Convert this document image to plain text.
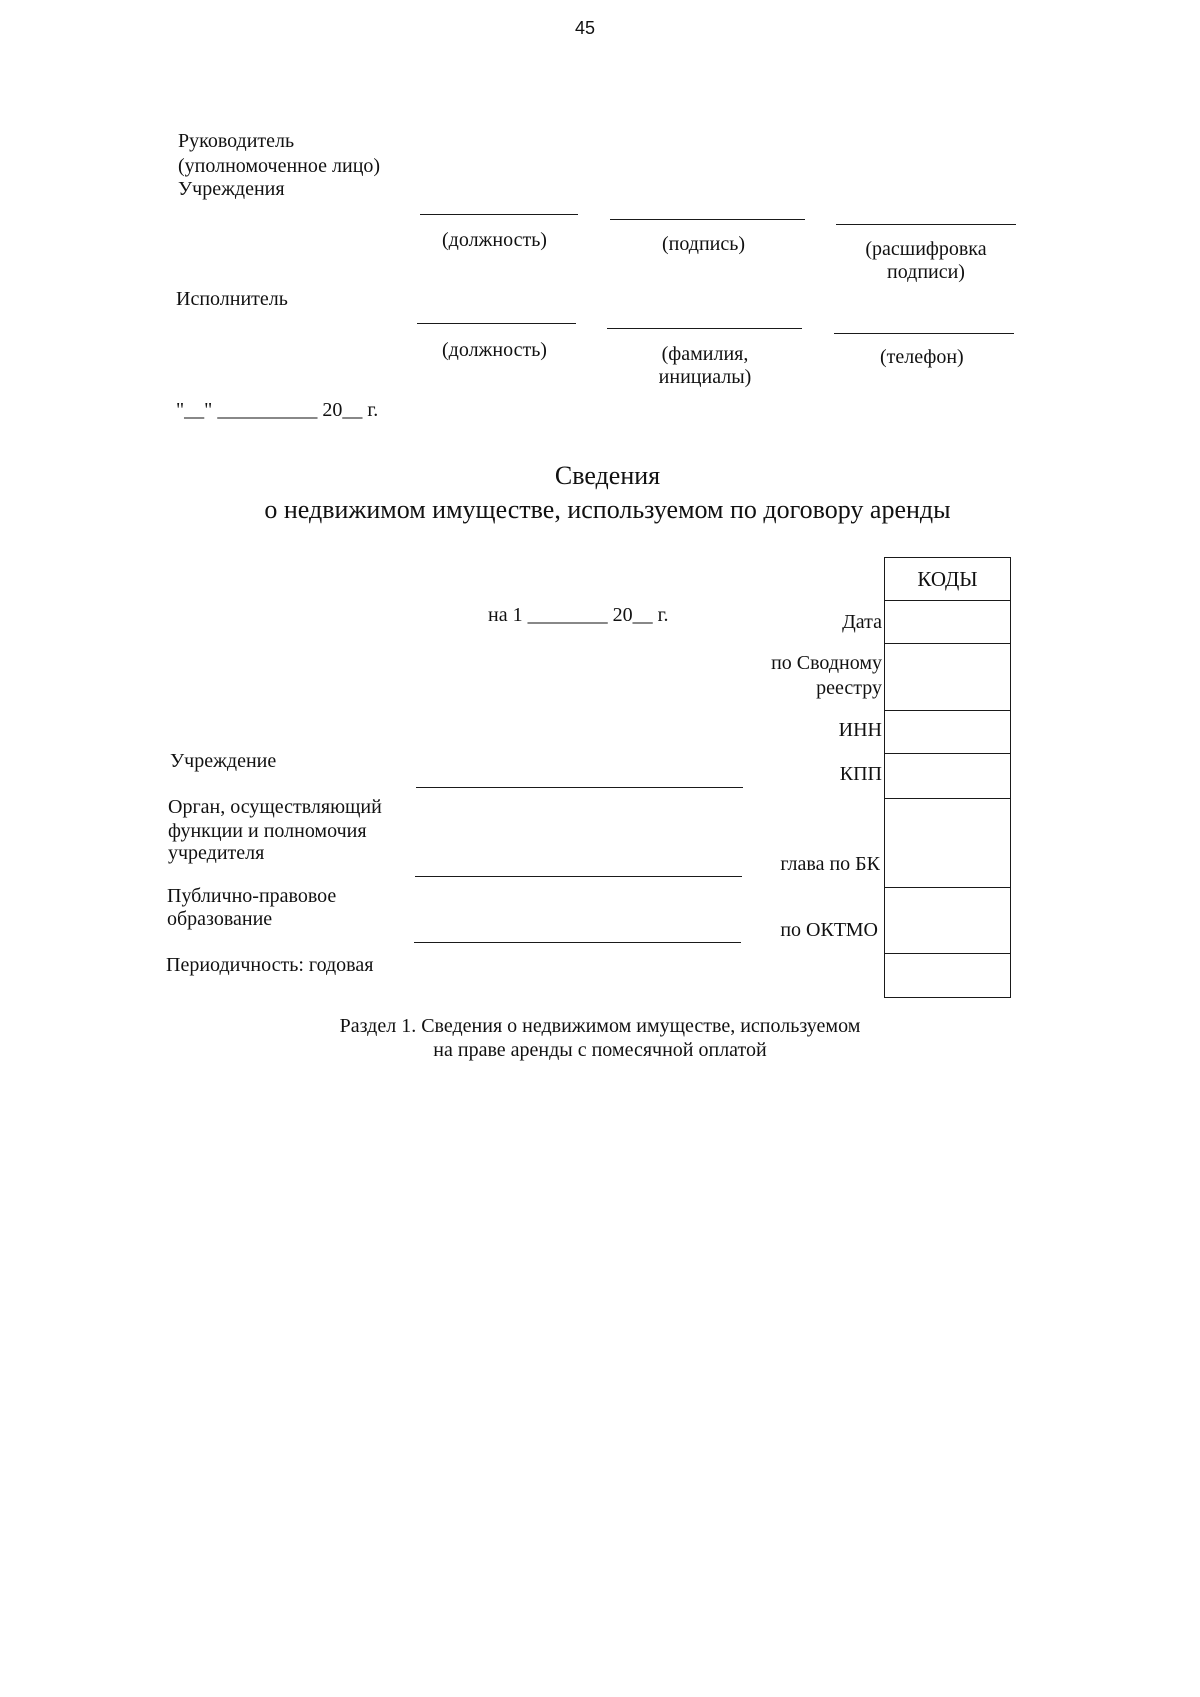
45
Руководитель
(уполномоченное лицо)
Учреждения
(должность)	(подпись)	(расшифровка
подписи)
Исполнитель
(должность)	(фамилия,
инициалы)
(телефон)
"__" __________ 20__ г.
Сведения
о недвижимом имуществе, используемом по договору аренды
на 1 ________ 20__ г.	Дата
по Сводному
реестру
ИНН
КПП
глава по БК
по ОКТМО
КОДЫ
Учреждение
Орган, осуществляющий
функции и полномочия
учредителя
Публично-правовое
образование
Периодичность: годовая
Раздел 1. Сведения о недвижимом имуществе, используемом
на праве аренды с помесячной оплатой
